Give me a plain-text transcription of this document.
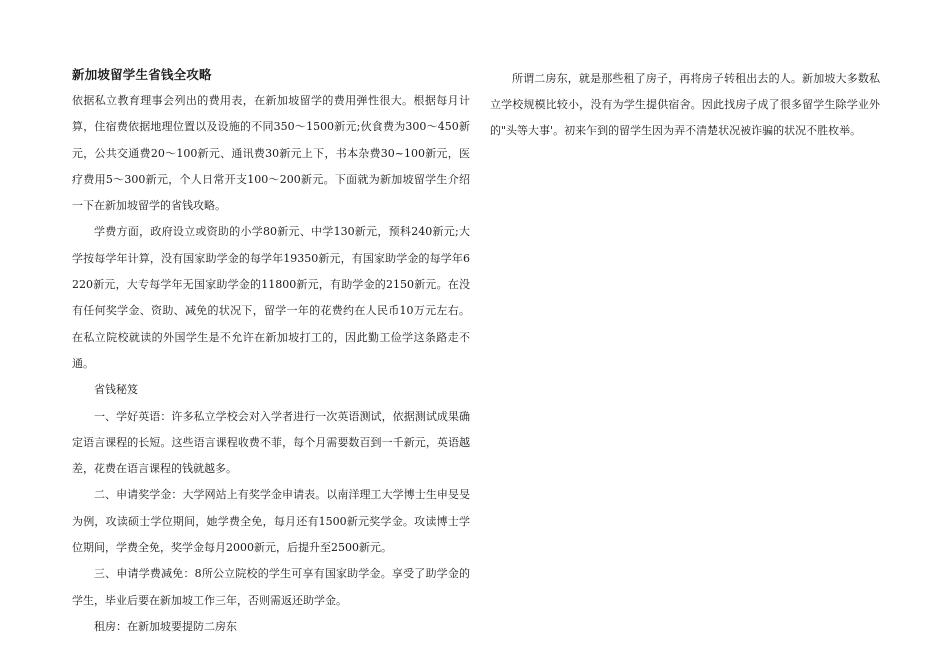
新加坡留学生省钱全攻略

依据私立教育理事会列出的费用表，在新加坡留学的费用弹性很大。根据每月计算，住宿费依据地理位置以及设施的不同350～1500新元;伙食费为300～450新元，公共交通费20～100新元、通讯费30新元上下，书本杂费30~100新元，医疗费用5～300新元，个人日常开支100～200新元。下面就为新加坡留学生介绍一下在新加坡留学的省钱攻略。

学费方面，政府设立或资助的小学80新元、中学130新元，预科240新元;大学按每学年计算，没有国家助学金的每学年19350新元，有国家助学金的每学年6220新元，大专每学年无国家助学金的11800新元，有助学金的2150新元。在没有任何奖学金、资助、减免的状况下，留学一年的花费约在人民币10万元左右。在私立院校就读的外国学生是不允许在新加坡打工的，因此勤工俭学这条路走不通。

省钱秘笈

一、学好英语：许多私立学校会对入学者进行一次英语测试，依据测试成果确定语言课程的长短。这些语言课程收费不菲，每个月需要数百到一千新元，英语越差，花费在语言课程的钱就越多。

二、申请奖学金：大学网站上有奖学金申请表。以南洋理工大学博士生申旻旻为例，攻读硕士学位期间，她学费全免，每月还有1500新元奖学金。攻读博士学位期间，学费全免，奖学金每月2000新元，后提升至2500新元。

三、申请学费减免：8所公立院校的学生可享有国家助学金。享受了助学金的学生，毕业后要在新加坡工作三年，否则需返还助学金。

租房：在新加坡要提防二房东

所谓二房东，就是那些租了房子，再将房子转租出去的人。新加坡大多数私立学校规模比较小，没有为学生提供宿舍。因此找房子成了很多留学生除学业外的"头等大事'。初来乍到的留学生因为弄不清楚状况被诈骗的状况不胜枚举。
